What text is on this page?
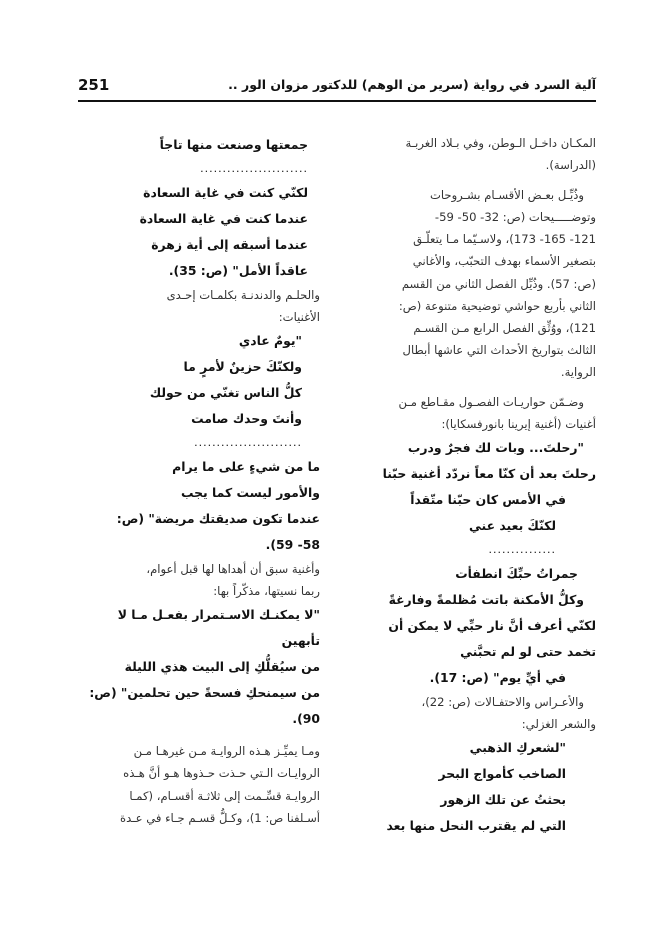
251	آلية السرد في رواية (سرير من الوهم) للدكتور مزوان الور ..

المكـان داخـل الـوطن، وفي بـلاد الغربـة

(الدراسة).

وذُيِّـل بعـض الأقسـام بشـروحات

وتوضـــــيحات (ص: 32- 50- 59-

121- 165- 173)، ولاسـيّما مـا يتعلّـق

بتصغير الأسماء بهدف التحبّب، والأغاني

(ص: 57). وذُيِّل الفصل الثاني من القسم

الثاني بأربع حواشي توضيحية متنوعة (ص:

121)، ووُثِّق الفصل الرابع مـن القسـم

الثالث بتواريخ الأحداث التي عاشها أبطال

الرواية.

وضـمّن حواريـات الفصـول مقـاطع مـن

أغنيات (أغنية إيرينا بانورفسكايا):

"رحلتَ... وبات لك فجرٌ ودرب

رحلتَ بعد أن كنّا معاً نردّد أغنية حبّنا

في الأمس كان حبّنا متّقداً

لكنّكَ بعيد عني

...............

جمراتُ حبِّكَ انطفأت

وكلُّ الأمكنة باتت مُظلمةً وفارغةً

لكنّي أعرف أنَّ نار حبِّي لا يمكن أن

تخمد حتى لو لم تحبَّني

في أيِّ يوم" (ص: 17).

والأعـراس والاحتفـالات (ص: 22)،

والشعر الغزلي:

"لشعركِ الذهبي

الصاخب كأمواج البحر

بحثتُ عن تلك الزهور

التي لم يقترب النحل منها بعد

جمعتها وصنعت منها تاجاً

........................

لكنّي كنت في غاية السعادة

عندما كنت في غاية السعادة

عندما أسبقه إلى أية زهرة

عاقداً الأمل" (ص: 35).

والحلـم والدندنـة بكلمـات إحـدى

الأغنيات:

"يومٌ عادي

ولكنّكَ حزينٌ لأمرٍ ما

كلُّ الناس تغنّي من حولك

وأنتَ وحدك صامت

........................

ما من شيءٍ على ما يرام

والأمور ليست كما يجب

عندما تكون صديقتك مريضة" (ص:

58- 59).

وأغنية سبق أن أهداها لها قبل أعوام،

ربما نسيتها، مذكّراً بها:

"لا يمكنـك الاسـتمرار بفعـل مـا لا

تأبهين

من سيُقلُّكِ إلى البيت هذي الليلة

من سيمنحكِ فسحةً حين تحلمين" (ص:

90).

ومـا يميِّـز هـذه الروايـة مـن غيرهـا مـن

الروايـات الـتي حـذت حـذوها هـو أنَّ هـذه

الروايـة قسِّـمت إلى ثلاثـة أقسـام، (كمـا

أسـلفنا ص: 1)، وكـلُّ قسـم جـاء في عـدة
